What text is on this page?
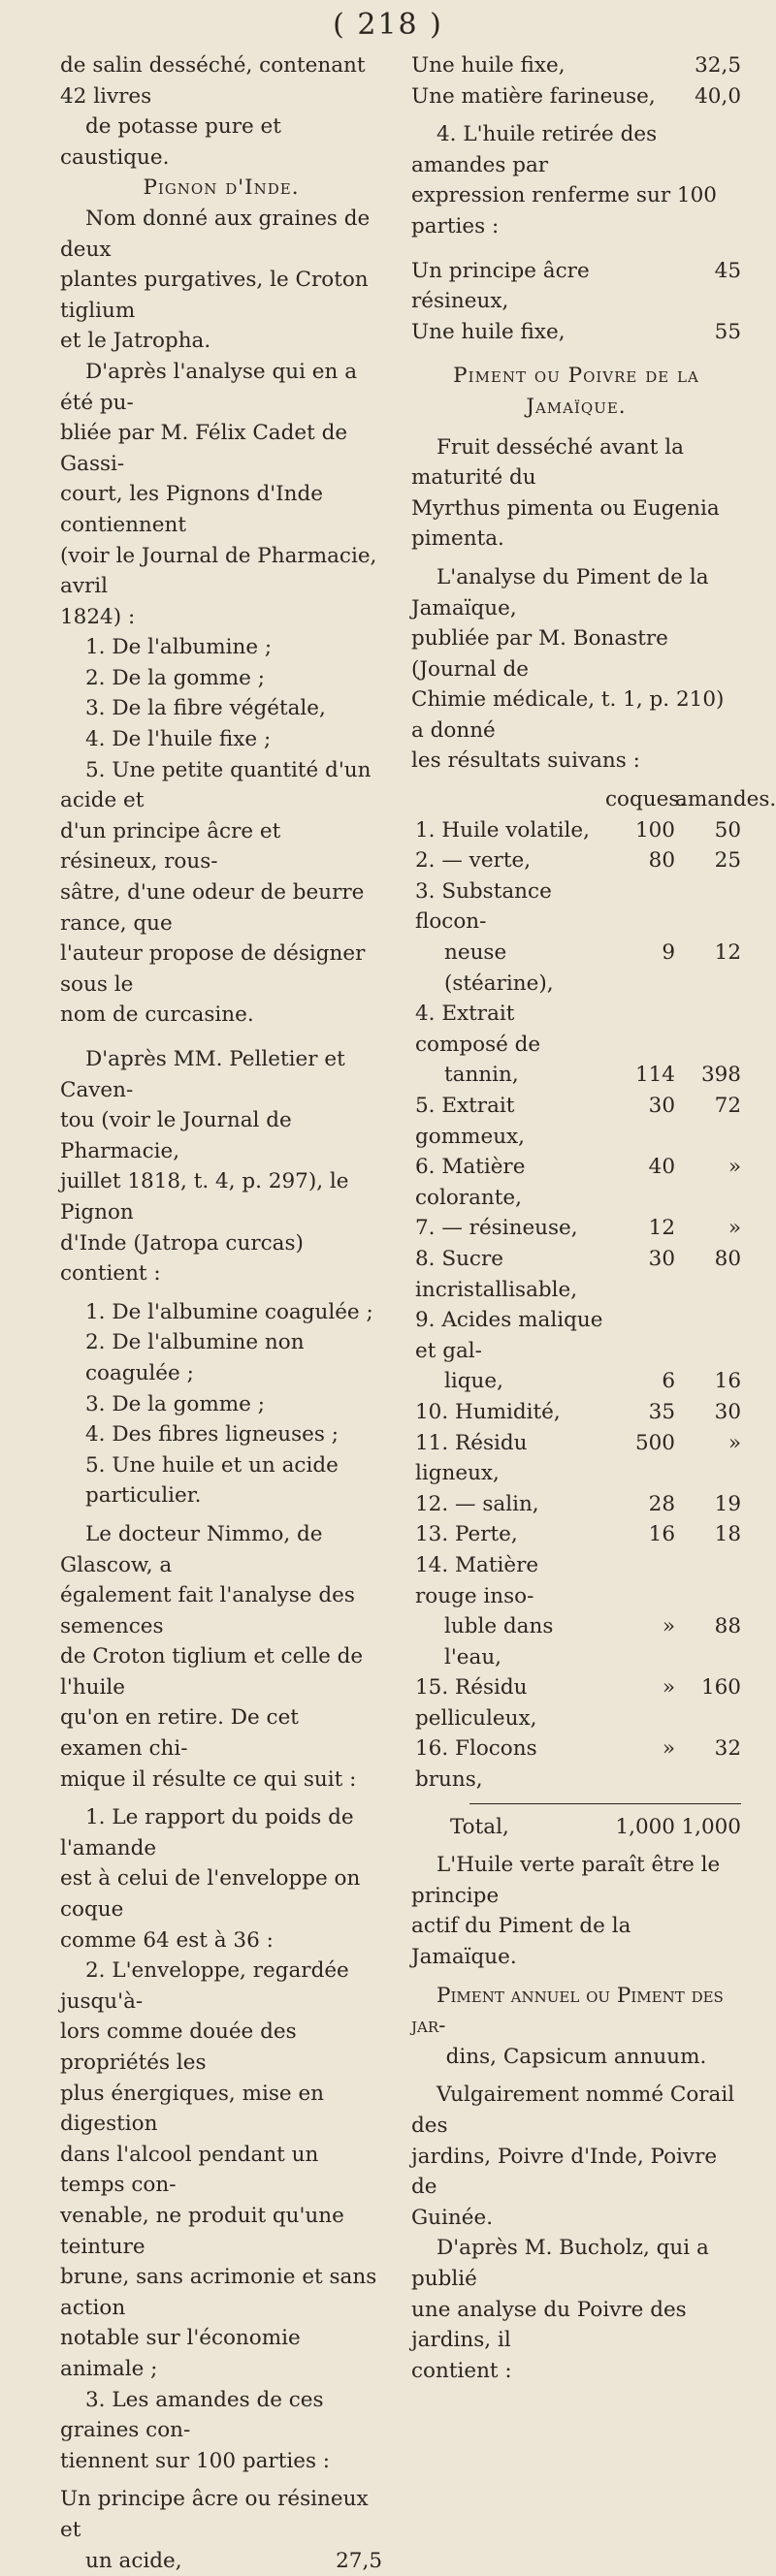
( 218 )

de salin desséché, contenant 42 livres

de potasse pure et caustique.

Pignon d'Inde.

Nom donné aux graines de deux

plantes purgatives, le Croton tiglium

et le Jatropha.

D'après l'analyse qui en a été pu-

bliée par M. Félix Cadet de Gassi-

court, les Pignons d'Inde contiennent

(voir le Journal de Pharmacie, avril

1824) :

1. De l'albumine ;

2. De la gomme ;

3. De la fibre végétale,

4. De l'huile fixe ;

5. Une petite quantité d'un acide et

d'un principe âcre et résineux, rous-

sâtre, d'une odeur de beurre rance, que

l'auteur propose de désigner sous le

nom de curcasine.

D'après MM. Pelletier et Caven-

tou (voir le Journal de Pharmacie,

juillet 1818, t. 4, p. 297), le Pignon

d'Inde (Jatropa curcas) contient :

1. De l'albumine coagulée ;

2. De l'albumine non coagulée ;

3. De la gomme ;

4. Des fibres ligneuses ;

5. Une huile et un acide particulier.

Le docteur Nimmo, de Glascow, a

également fait l'analyse des semences

de Croton tiglium et celle de l'huile

qu'on en retire. De cet examen chi-

mique il résulte ce qui suit :

1. Le rapport du poids de l'amande

est à celui de l'enveloppe on coque

comme 64 est à 36 :

2. L'enveloppe, regardée jusqu'à-

lors comme douée des propriétés les

plus énergiques, mise en digestion

dans l'alcool pendant un temps con-

venable, ne produit qu'une teinture

brune, sans acrimonie et sans action

notable sur l'économie animale ;

3. Les amandes de ces graines con-

tiennent sur 100 parties :

Un principe âcre ou résineux et

un acide,	27,5
Une huile fixe,	32,5
Une matière farineuse,	40,0

4. L'huile retirée des amandes par

expression renferme sur 100 parties :

Un principe âcre résineux,
45
Une huile fixe,	55

Piment ou Poivre de la Jamaïque.

Fruit desséché avant la maturité du

Myrthus pimenta ou Eugenia pimenta.

L'analyse du Piment de la Jamaïque,

publiée par M. Bonastre (Journal de

Chimie médicale, t. 1, p. 210) a donné

les résultats suivans :

coques.
amandes.
1. Huile volatile,	100	50
2. — verte,	80	25
3. Substance flocon-
neuse (stéarine),
9	12
4. Extrait composé de
tannin,	114	398
5. Extrait gommeux,
30	72
6. Matière colorante,
40	»
7. — résineuse,	12	»
8. Sucre incristallisable,
30	80
9. Acides malique et gal-
lique,	6	16
10. Humidité,	35	30
11. Résidu ligneux,
500	»
12. — salin,	28	19
13. Perte,	16	18
14. Matière rouge inso-
luble dans l'eau,
»	88
15. Résidu pelliculeux,
»	160
16. Flocons bruns,
»	32
Total,	1,000 1,000

L'Huile verte paraît être le principe

actif du Piment de la Jamaïque.

Piment annuel ou Piment des jar-

dins, Capsicum annuum.

Vulgairement nommé Corail des

jardins, Poivre d'Inde, Poivre de

Guinée.

D'après M. Bucholz, qui a publié

une analyse du Poivre des jardins, il

contient :
